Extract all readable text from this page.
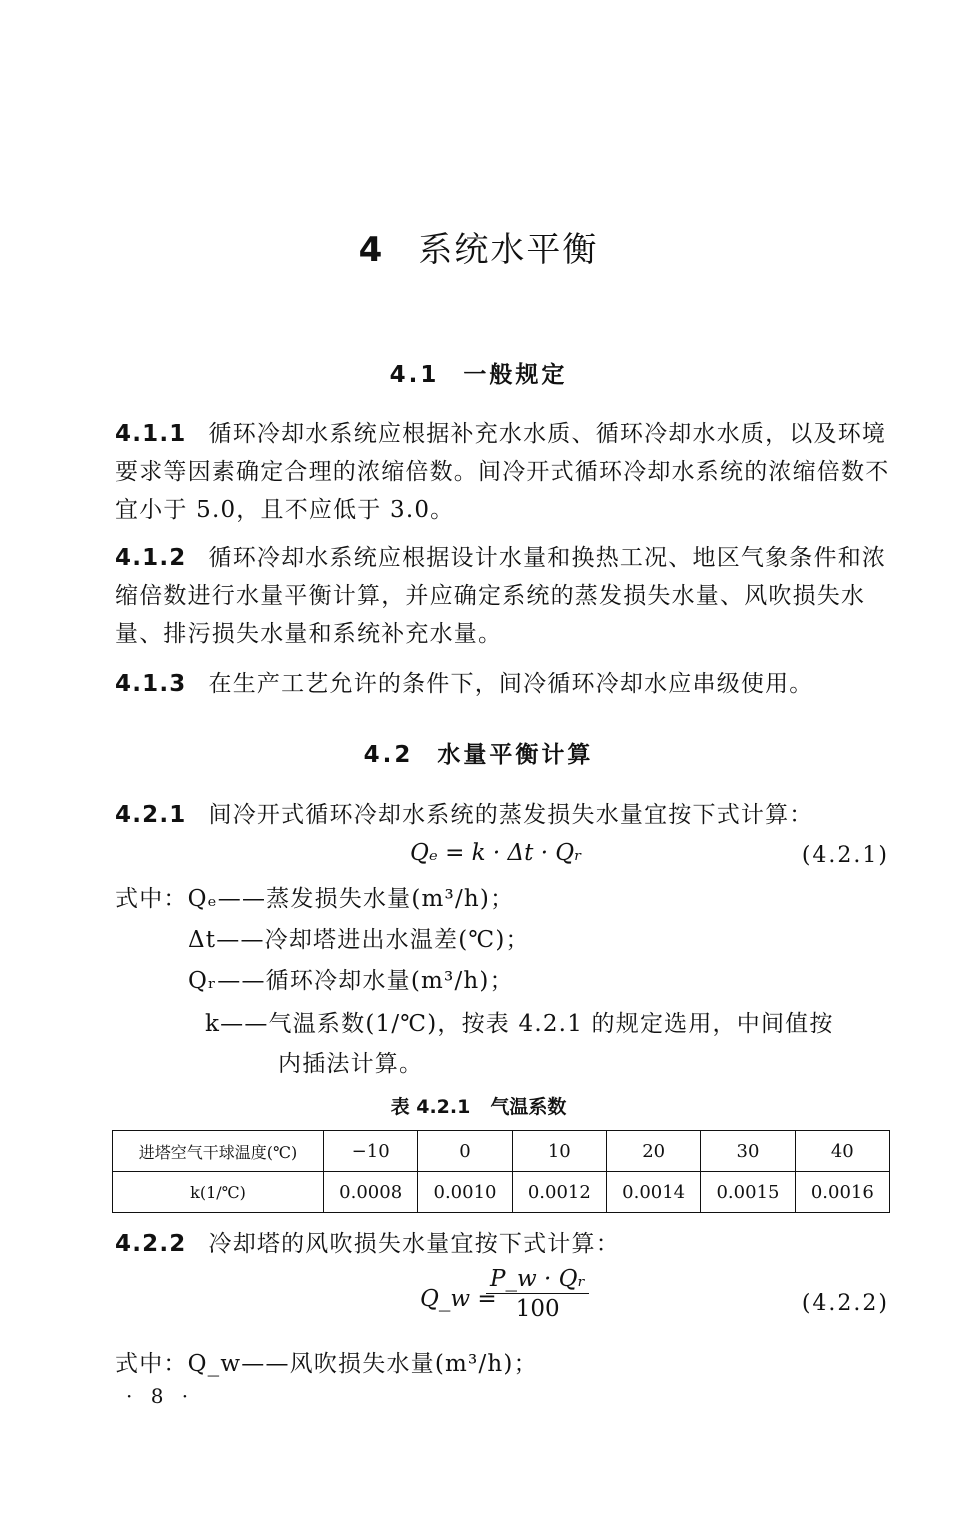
4 系统水平衡
4.1 一般规定
4.1.1 循环冷却水系统应根据补充水水质、循环冷却水水质，以及环境要求等因素确定合理的浓缩倍数。间冷开式循环冷却水系统的浓缩倍数不宜小于 5.0，且不应低于 3.0。
4.1.2 循环冷却水系统应根据设计水量和换热工况、地区气象条件和浓缩倍数进行水量平衡计算，并应确定系统的蒸发损失水量、风吹损失水量、排污损失水量和系统补充水量。
4.1.3 在生产工艺允许的条件下，间冷循环冷却水应串级使用。
4.2 水量平衡计算
4.2.1 间冷开式循环冷却水系统的蒸发损失水量宜按下式计算：
Qₑ = k · Δt · Qᵣ	(4.2.1)
式中：Qₑ——蒸发损失水量(m³/h)；
Δt——冷却塔进出水温差(℃)；
Qᵣ——循环冷却水量(m³/h)；
k——气温系数(1/℃)，按表 4.2.1 的规定选用，中间值按
内插法计算。
表 4.2.1 气温系数
进塔空气干球温度(℃)	−10	0	10	20	30	40
k(1/℃)	0.0008	0.0010	0.0012	0.0014	0.0015	0.0016
4.2.2 冷却塔的风吹损失水量宜按下式计算：
Q_w =
$\frac{\text{P\_w · Qᵣ}}{100}$	(4.2.2)
式中：Q_w——风吹损失水量(m³/h)；
· 8 ·
